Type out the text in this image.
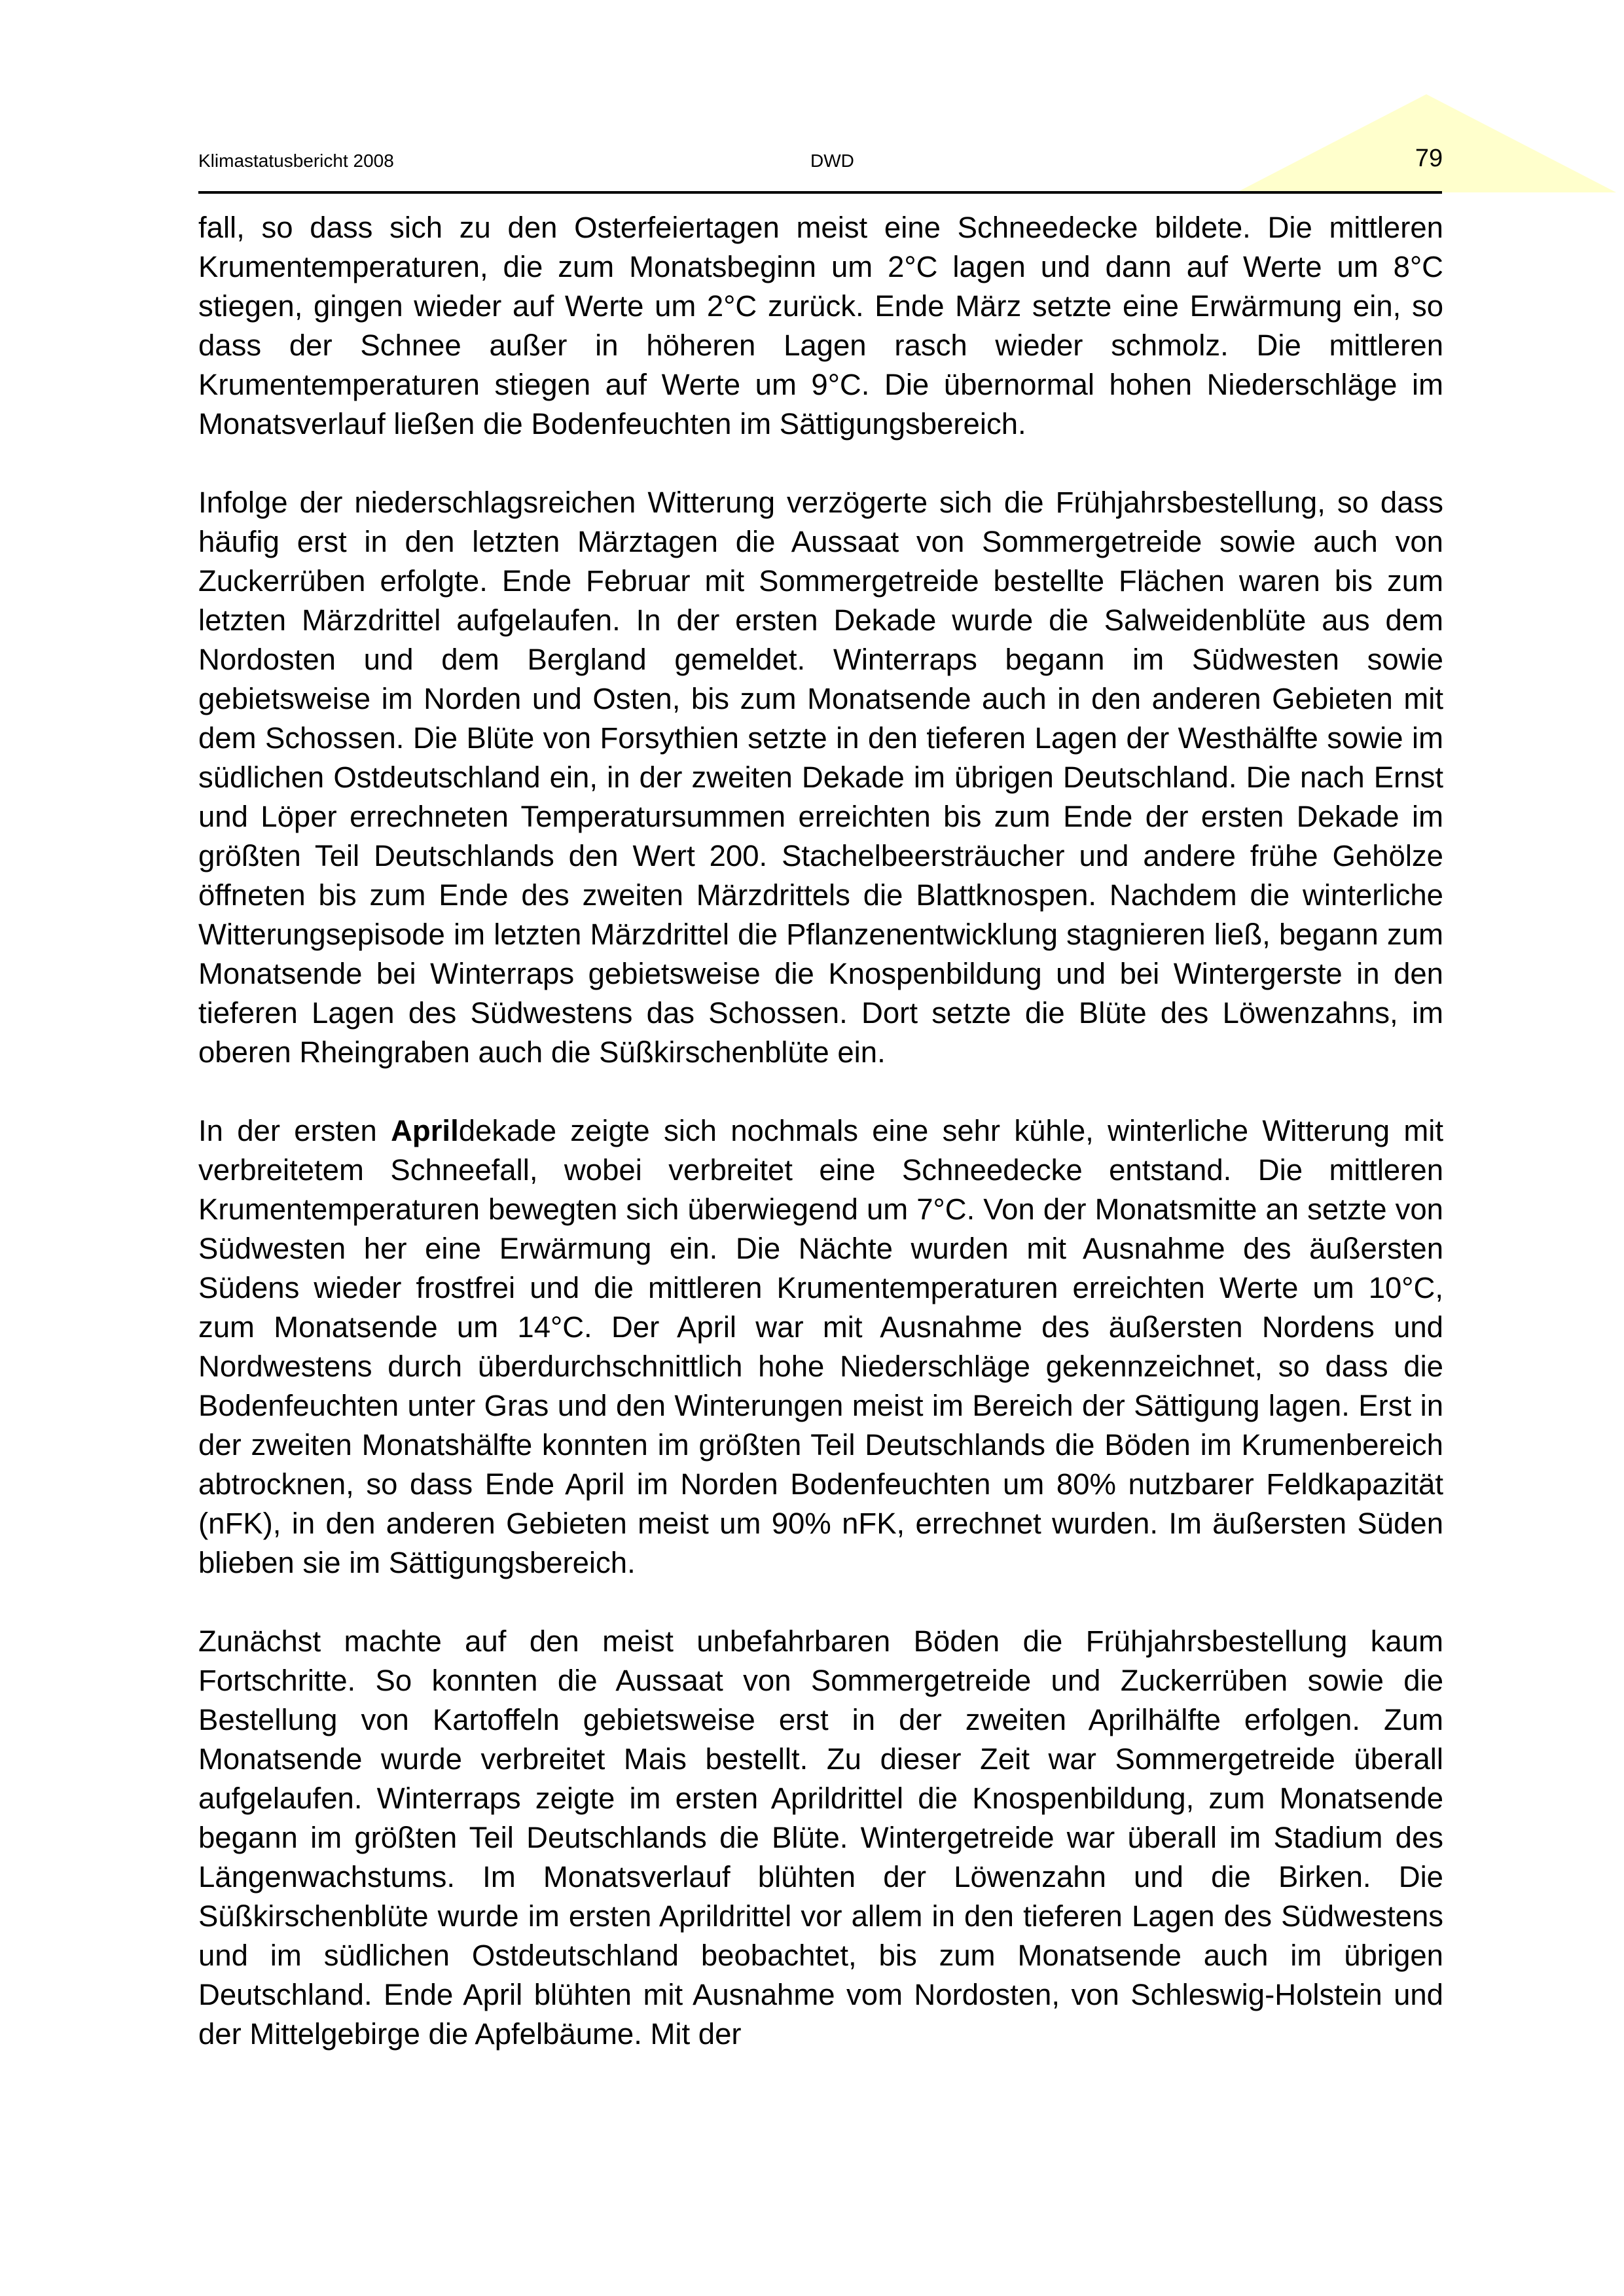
Klimastatusbericht 2008	DWD	79

fall, so dass sich zu den Osterfeiertagen meist eine Schneedecke bildete. Die mittleren Krumentemperaturen, die zum Monatsbeginn um 2°C lagen und dann auf Werte um 8°C stiegen, gingen wieder auf Werte um 2°C zurück. Ende März setzte eine Erwärmung ein, so dass der Schnee außer in höheren Lagen rasch wieder schmolz. Die mittleren Krumentemperaturen stiegen auf Werte um 9°C. Die übernormal hohen Niederschläge im Monatsverlauf ließen die Bodenfeuchten im Sättigungsbereich.

Infolge der niederschlagsreichen Witterung verzögerte sich die Frühjahrsbestellung, so dass häufig erst in den letzten Märztagen die Aussaat von Sommergetreide sowie auch von Zuckerrüben erfolgte. Ende Februar mit Sommergetreide bestellte Flächen waren bis zum letzten Märzdrittel aufgelaufen. In der ersten Dekade wurde die Salweidenblüte aus dem Nordosten und dem Bergland gemeldet. Winterraps begann im Südwesten sowie gebietsweise im Norden und Osten, bis zum Monatsende auch in den anderen Gebieten mit dem Schossen. Die Blüte von Forsythien setzte in den tieferen Lagen der Westhälfte sowie im südlichen Ostdeutschland ein, in der zweiten Dekade im übrigen Deutschland. Die nach Ernst und Löper errechneten Temperatursummen erreichten bis zum Ende der ersten Dekade im größten Teil Deutschlands den Wert 200. Stachelbeersträucher und andere frühe Gehölze öffneten bis zum Ende des zweiten Märzdrittels die Blattknospen. Nachdem die winterliche Witterungsepisode im letzten Märzdrittel die Pflanzenentwicklung stagnieren ließ, begann zum Monatsende bei Winterraps gebietsweise die Knospenbildung und bei Wintergerste in den tieferen Lagen des Südwestens das Schossen. Dort setzte die Blüte des Löwenzahns, im oberen Rheingraben auch die Süßkirschenblüte ein.

In der ersten Aprildekade zeigte sich nochmals eine sehr kühle, winterliche Witterung mit verbreitetem Schneefall, wobei verbreitet eine Schneedecke entstand. Die mittleren Krumentemperaturen bewegten sich überwiegend um 7°C. Von der Monatsmitte an setzte von Südwesten her eine Erwärmung ein. Die Nächte wurden mit Ausnahme des äußersten Südens wieder frostfrei und die mittleren Krumentemperaturen erreichten Werte um 10°C, zum Monatsende um 14°C. Der April war mit Ausnahme des äußersten Nordens und Nordwestens durch überdurchschnittlich hohe Niederschläge gekennzeichnet, so dass die Bodenfeuchten unter Gras und den Winterungen meist im Bereich der Sättigung lagen. Erst in der zweiten Monatshälfte konnten im größten Teil Deutschlands die Böden im Krumenbereich abtrocknen, so dass Ende April im Norden Bodenfeuchten um 80% nutzbarer Feldkapazität (nFK), in den anderen Gebieten meist um 90% nFK, errechnet wurden. Im äußersten Süden blieben sie im Sättigungsbereich.

Zunächst machte auf den meist unbefahrbaren Böden die Frühjahrsbestellung kaum Fortschritte. So konnten die Aussaat von Sommergetreide und Zuckerrüben sowie die Bestellung von Kartoffeln gebietsweise erst in der zweiten Aprilhälfte erfolgen. Zum Monatsende wurde verbreitet Mais bestellt. Zu dieser Zeit war Sommergetreide überall aufgelaufen. Winterraps zeigte im ersten Aprildrittel die Knospenbildung, zum Monatsende begann im größten Teil Deutschlands die Blüte. Wintergetreide war überall im Stadium des Längenwachstums. Im Monatsverlauf blühten der Löwenzahn und die Birken. Die Süßkirschenblüte wurde im ersten Aprildrittel vor allem in den tieferen Lagen des Südwestens und im südlichen Ostdeutschland beobachtet, bis zum Monatsende auch im übrigen Deutschland. Ende April blühten mit Ausnahme vom Nordosten, von Schleswig-Holstein und der Mittelgebirge die Apfelbäume. Mit der
